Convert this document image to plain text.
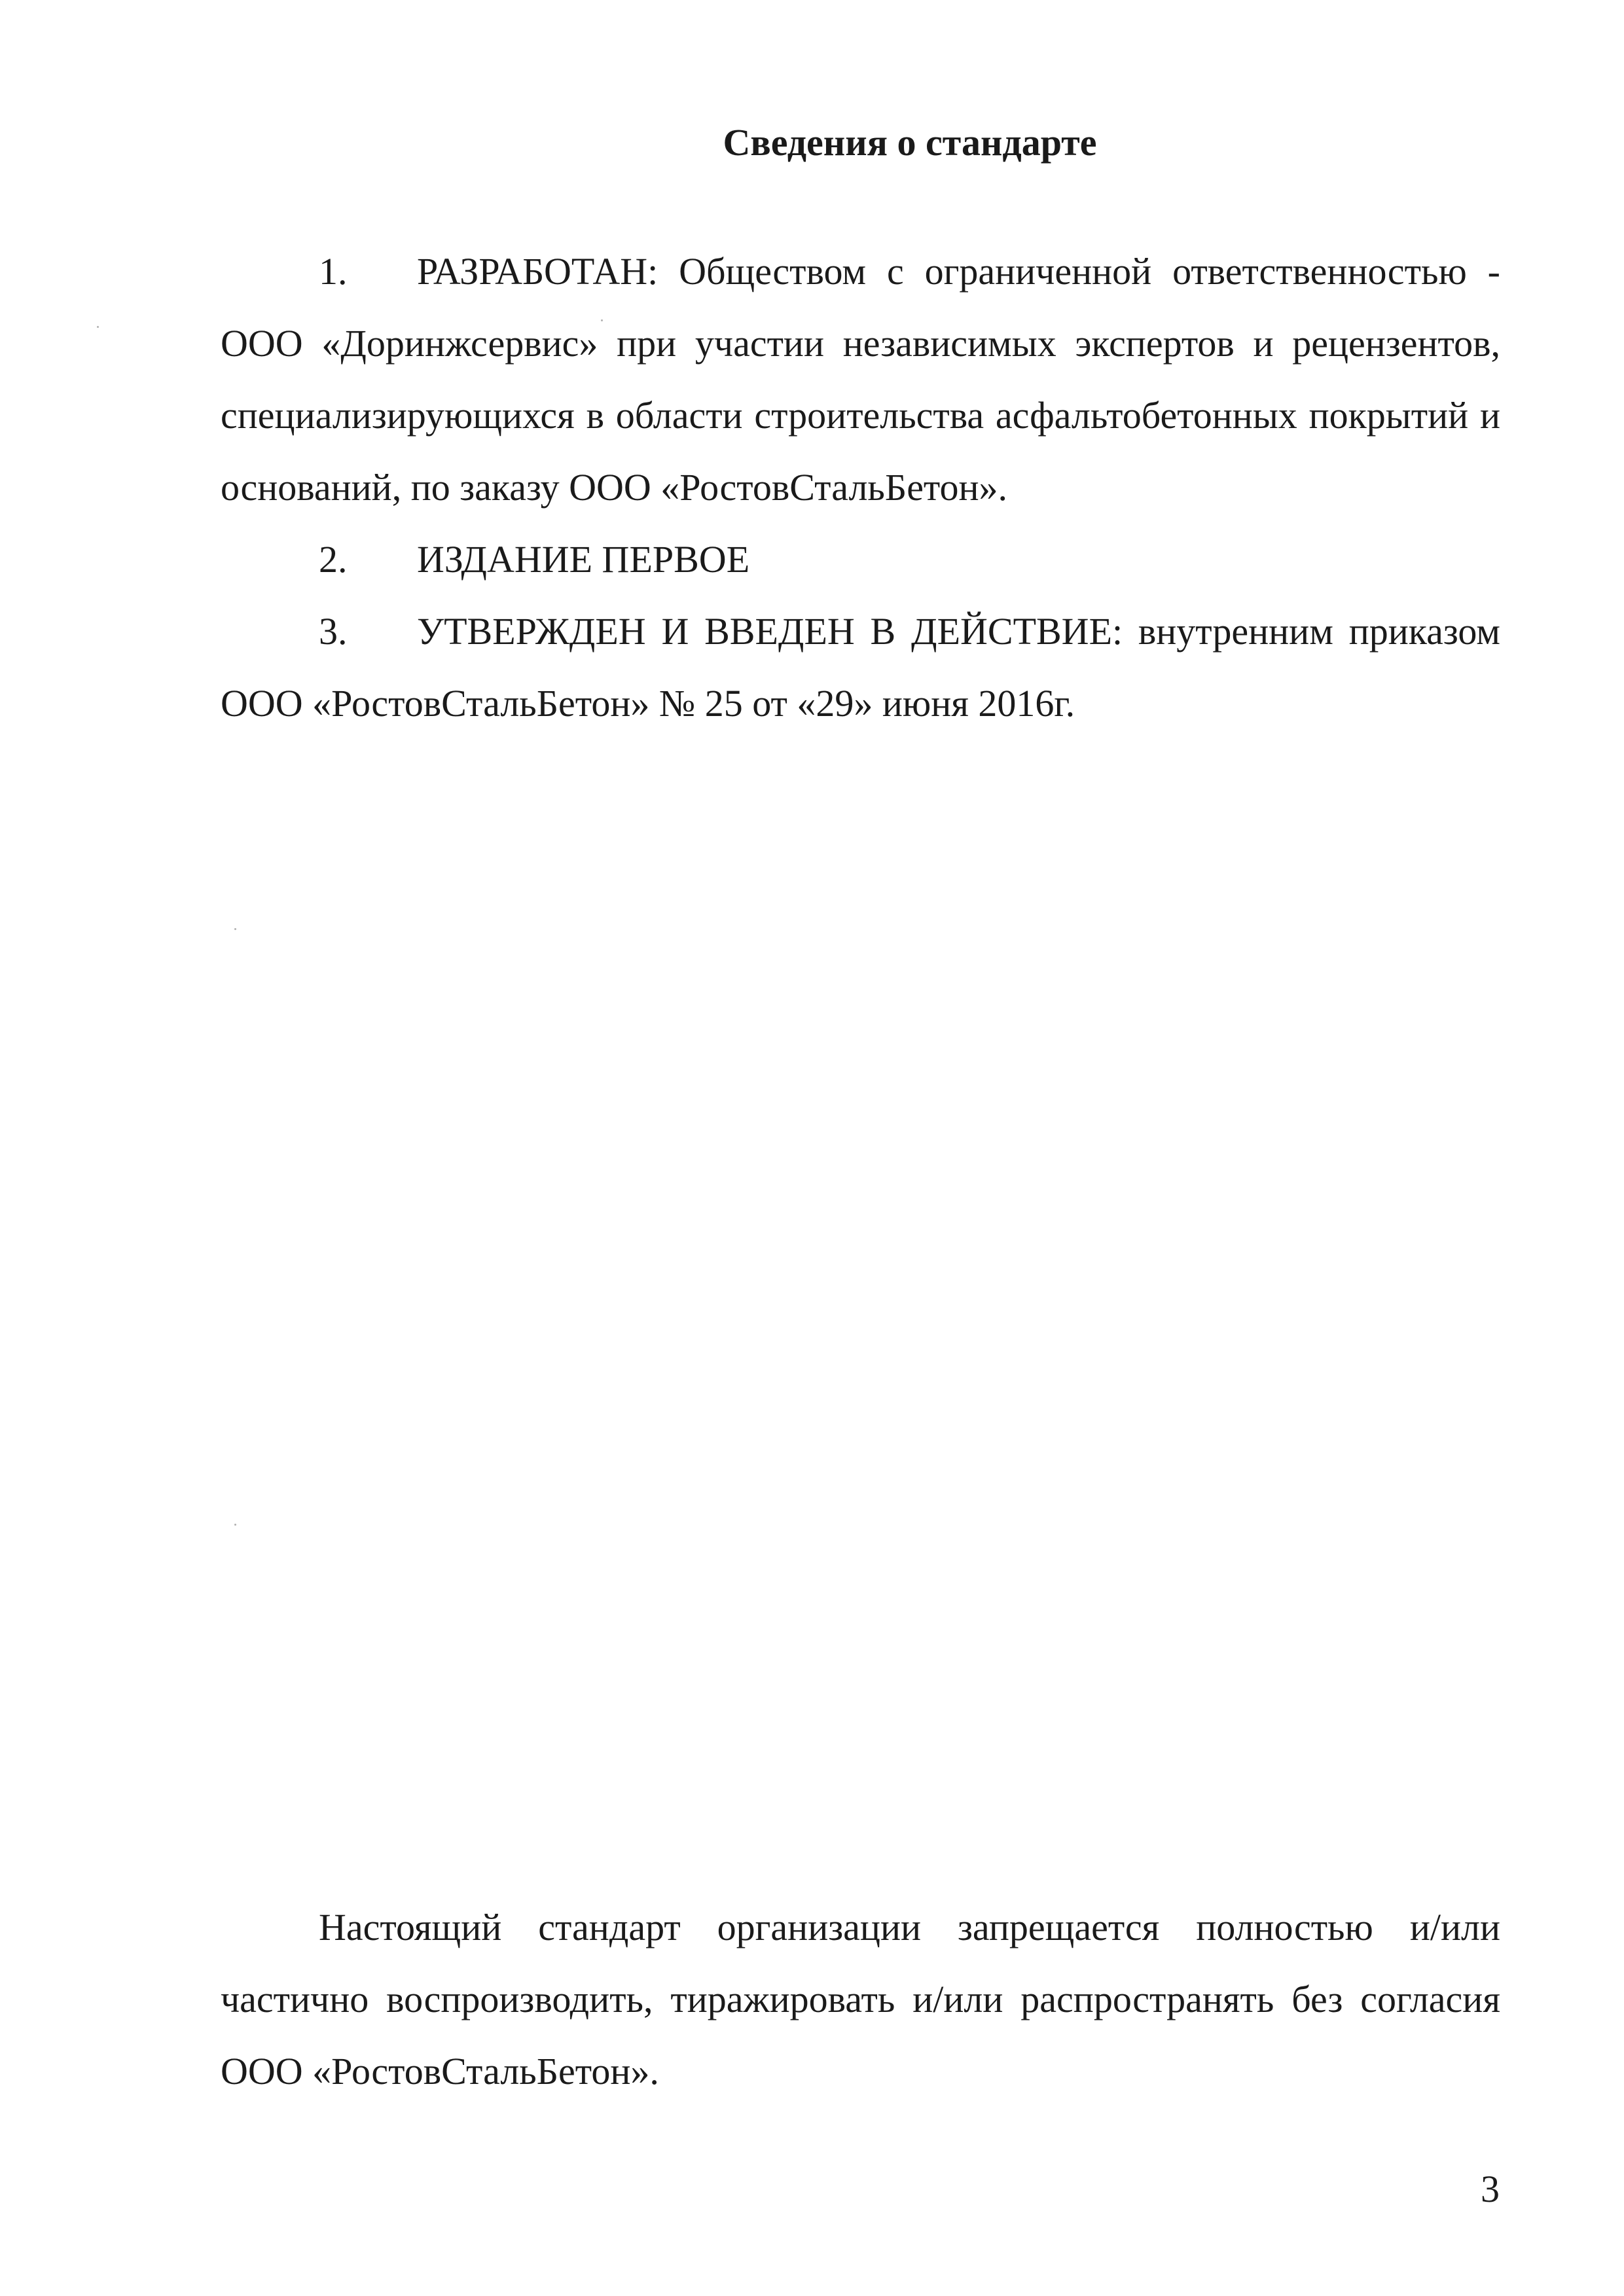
Сведения о стандарте

1. РАЗРАБОТАН: Обществом с ограниченной ответственностью - ООО «Доринжсервис» при участии независимых экспертов и рецензентов, специализирующихся в области строительства асфальтобетонных покрытий и оснований, по заказу ООО «РостовСтальБетон».

2. ИЗДАНИЕ ПЕРВОЕ

3. УТВЕРЖДЕН И ВВЕДЕН В ДЕЙСТВИЕ: внутренним приказом ООО «РостовСтальБетон» № 25 от «29» июня 2016г.

Настоящий стандарт организации запрещается полностью и/или частично воспроизводить, тиражировать и/или распространять без согласия ООО «РостовСтальБетон».

3
